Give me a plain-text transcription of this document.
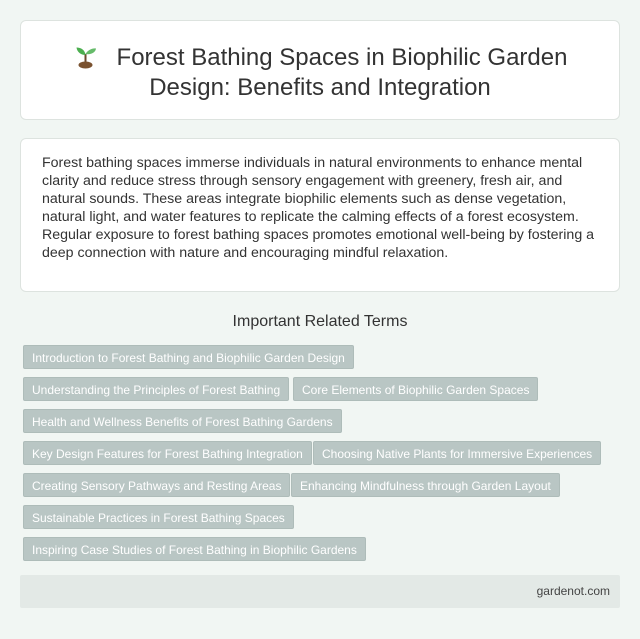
Forest Bathing Spaces in Biophilic Garden Design: Benefits and Integration

Forest bathing spaces immerse individuals in natural environments to enhance mental clarity and reduce stress through sensory engagement with greenery, fresh air, and natural sounds. These areas integrate biophilic elements such as dense vegetation, natural light, and water features to replicate the calming effects of a forest ecosystem. Regular exposure to forest bathing spaces promotes emotional well-being by fostering a deep connection with nature and encouraging mindful relaxation.

Important Related Terms
Introduction to Forest Bathing and Biophilic Garden Design
Understanding the Principles of Forest Bathing	Core Elements of Biophilic Garden Spaces
Health and Wellness Benefits of Forest Bathing Gardens
Key Design Features for Forest Bathing Integration	Choosing Native Plants for Immersive Experiences
Creating Sensory Pathways and Resting Areas	Enhancing Mindfulness through Garden Layout
Sustainable Practices in Forest Bathing Spaces
Inspiring Case Studies of Forest Bathing in Biophilic Gardens
gardenot.com
